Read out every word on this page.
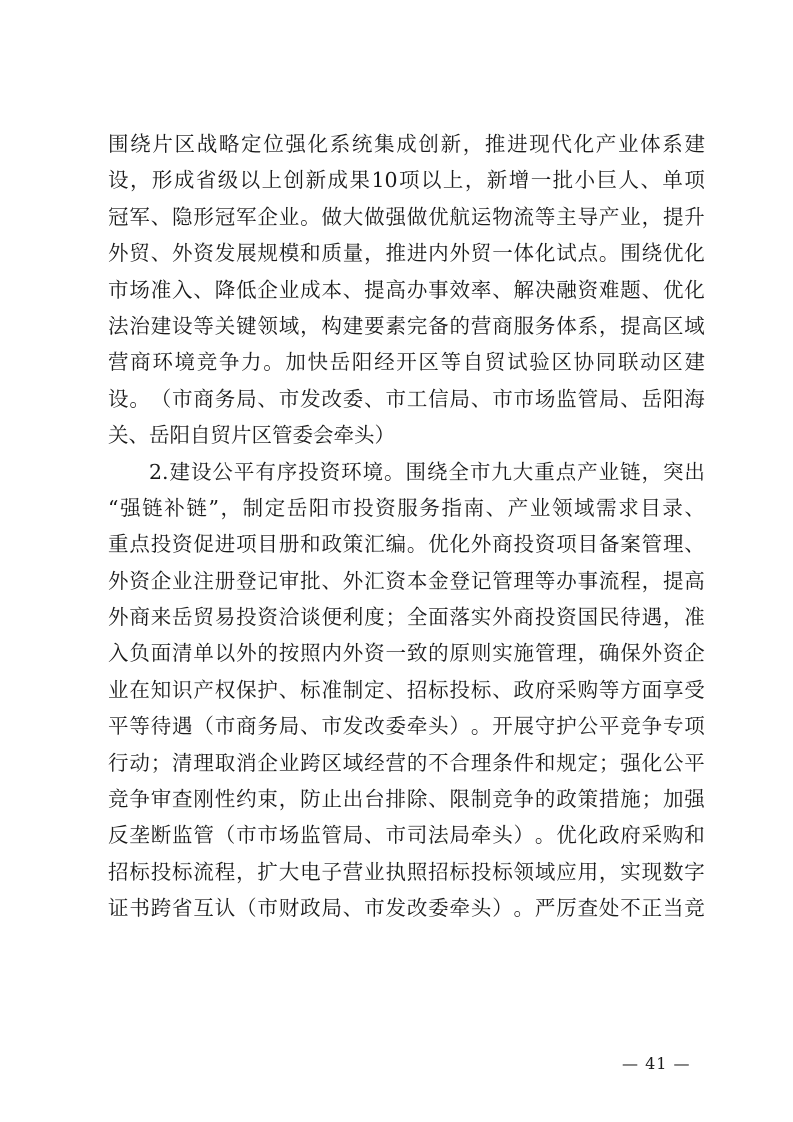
围 绕 片 区 战 略 定 位 强 化 系 统 集 成 创 新 ， 推 进 现 代 化 产 业 体 系 建
设 ， 形 成 省 级 以 上 创 新 成 果 10 项 以 上 ， 新 增 一 批 小 巨 人 、 单 项
冠 军 、 隐 形 冠 军 企 业 。 做 大 做 强 做 优 航 运 物 流 等 主 导 产 业 ， 提 升
外 贸 、 外 资 发 展 规 模 和 质 量 ， 推 进 内 外 贸 一 体 化 试 点 。 围 绕 优 化
市 场 准 入 、 降 低 企 业 成 本 、 提 高 办 事 效 率 、 解 决 融 资 难 题 、 优 化
法 治 建 设 等 关 键 领 域 ， 构 建 要 素 完 备 的 营 商 服 务 体 系 ， 提 高 区 域
营 商 环 境 竞 争 力 。 加 快 岳 阳 经 开 区 等 自 贸 试 验 区 协 同 联 动 区 建
设 。 （ 市 商 务 局 、 市 发 改 委 、 市 工 信 局 、 市 市 场 监 管 局 、 岳 阳 海
关 、 岳 阳 自 贸 片 区 管 委 会 牵 头 ）
2. 建 设 公 平 有 序 投 资 环 境 。 围 绕 全 市 九 大 重 点 产 业 链 ， 突 出
“ 强 链 补 链 ” ， 制 定 岳 阳 市 投 资 服 务 指 南 、 产 业 领 域 需 求 目 录 、
重 点 投 资 促 进 项 目 册 和 政 策 汇 编 。 优 化 外 商 投 资 项 目 备 案 管 理 、
外 资 企 业 注 册 登 记 审 批 、 外 汇 资 本 金 登 记 管 理 等 办 事 流 程 ， 提 高
外 商 来 岳 贸 易 投 资 洽 谈 便 利 度 ； 全 面 落 实 外 商 投 资 国 民 待 遇 ， 准
入 负 面 清 单 以 外 的 按 照 内 外 资 一 致 的 原 则 实 施 管 理 ， 确 保 外 资 企
业 在 知 识 产 权 保 护 、 标 准 制 定 、 招 标 投 标 、 政 府 采 购 等 方 面 享 受
平 等 待 遇 （ 市 商 务 局 、 市 发 改 委 牵 头 ） 。 开 展 守 护 公 平 竞 争 专 项
行 动 ； 清 理 取 消 企 业 跨 区 域 经 营 的 不 合 理 条 件 和 规 定 ； 强 化 公 平
竞 争 审 查 刚 性 约 束 ， 防 止 出 台 排 除 、 限 制 竞 争 的 政 策 措 施 ； 加 强
反 垄 断 监 管 （ 市 市 场 监 管 局 、 市 司 法 局 牵 头 ） 。 优 化 政 府 采 购 和
招 标 投 标 流 程 ， 扩 大 电 子 营 业 执 照 招 标 投 标 领 域 应 用 ， 实 现 数 字
证 书 跨 省 互 认 （ 市 财 政 局 、 市 发 改 委 牵 头 ） 。 严 厉 查 处 不 正 当 竞
— 41 —
